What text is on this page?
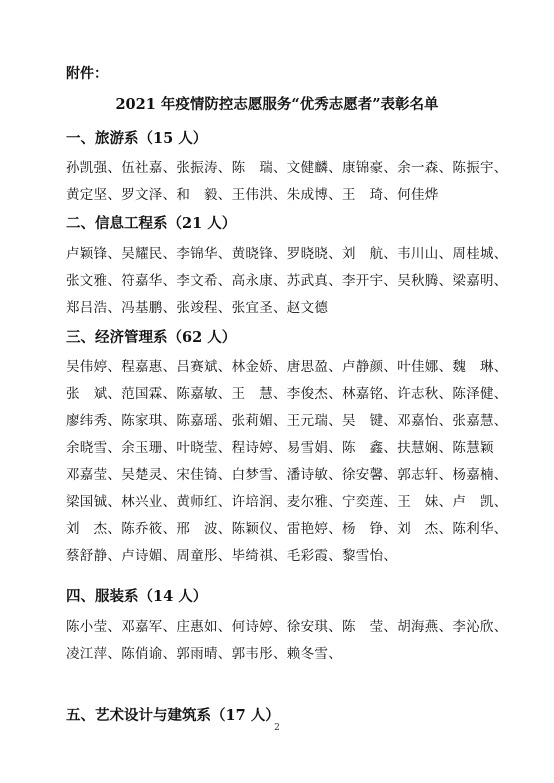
附件：
2021 年疫情防控志愿服务“优秀志愿者”表彰名单
一、旅游系（15 人）
孙凯强、伍社嘉、张振涛、陈　瑞、文健麟、康锦豪、余一森、陈振宇、
黄定坚、罗文泽、和　毅、王伟洪、朱成博、王　琦、何佳烨
二、信息工程系（21 人）
卢颖锋、吴耀民、李锦华、黄晓锋、罗晓晓、刘　航、韦川山、周桂城、
张文雅、符嘉华、李文希、高永康、苏武真、李开宇、吴秋腾、梁嘉明、
郑吕浩、冯基鹏、张竣程、张宜圣、赵文德
三、经济管理系（62 人）
吴伟婷、程嘉惠、吕赛斌、林金娇、唐思盈、卢静颜、叶佳娜、魏　琳、
张　斌、范国霖、陈嘉敏、王　慧、李俊杰、林嘉铭、许志秋、陈泽健、
廖纬秀、陈家琪、陈嘉瑶、张莉媚、王元瑞、吴　键、邓嘉怡、张嘉慧、
余晓雪、余玉珊、叶晓莹、程诗婷、易雪娟、陈　鑫、扶慧娴、陈慧颖
邓嘉莹、吴楚灵、宋佳锜、白梦雪、潘诗敏、徐安馨、郭志轩、杨嘉楠、
梁国铖、林兴业、黄师红、许培润、麦尔雅、宁奕莲、王　妹、卢　凯、
刘　杰、陈乔筱、邢　波、陈颖仪、雷艳婷、杨　铮、刘　杰、陈利华、
蔡舒静、卢诗媚、周童彤、毕绮祺、毛彩霞、黎雪怡、
四、服装系（14 人）
陈小莹、邓嘉军、庄惠如、何诗婷、徐安琪、陈　莹、胡海燕、李沁欣、
凌江萍、陈俏谕、郭雨晴、郭韦彤、赖冬雪、
五、艺术设计与建筑系（17 人）
2
